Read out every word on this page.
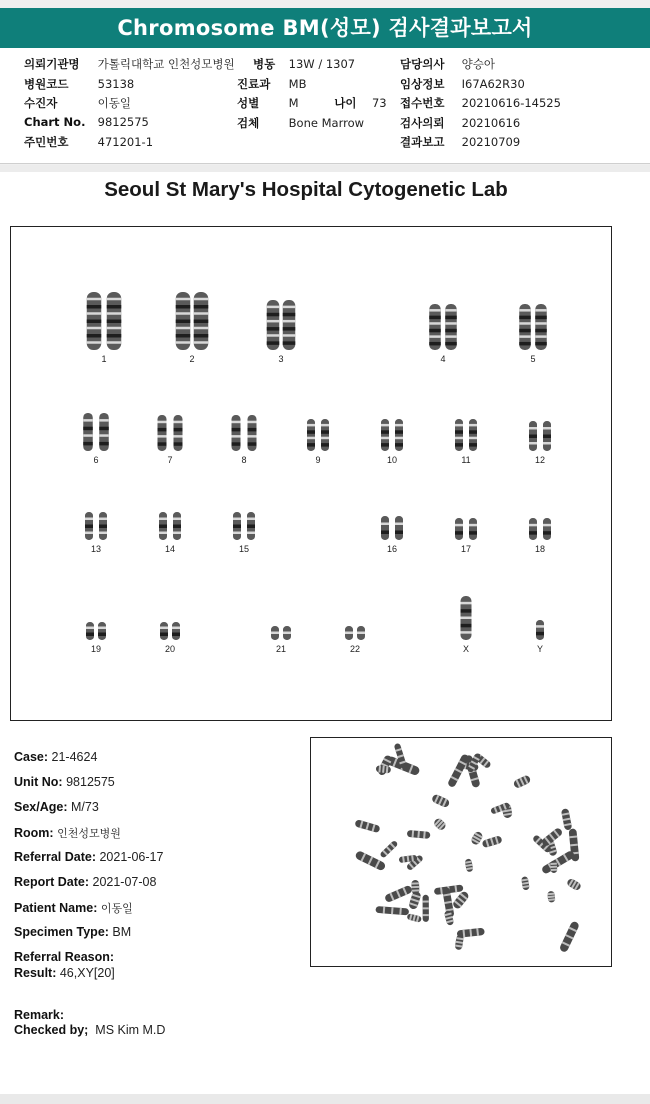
Chromosome BM(성모) 검사결과보고서
의뢰기관명 가톨릭대학교 인천성모병원
병원코드	53138
수진자	이동일
Chart No. 9812575
주민번호	471201-1
병동 13W / 1307
진료과 MB
성별	M	나이 73
검체	Bone Marrow
담당의사 양승아
임상정보 I67A62R30
접수번호 20210616-14525
검사의뢰 20210616
결과보고 20210709
Seoul St Mary's Hospital Cytogenetic Lab
1	2	3	4	5
6	7	8	9	10	11	12
13	14	15	16	17	18
19	20	21	22	X	Y
Case: 21-4624
Unit No: 9812575
Sex/Age: M/73
Room: 인천성모병원
Referral Date: 2021-06-17
Report Date: 2021-07-08
Patient Name: 이동일
Specimen Type: BM
Referral Reason:
Result: 46,XY[20]
Remark:
Checked by; MS Kim M.D
